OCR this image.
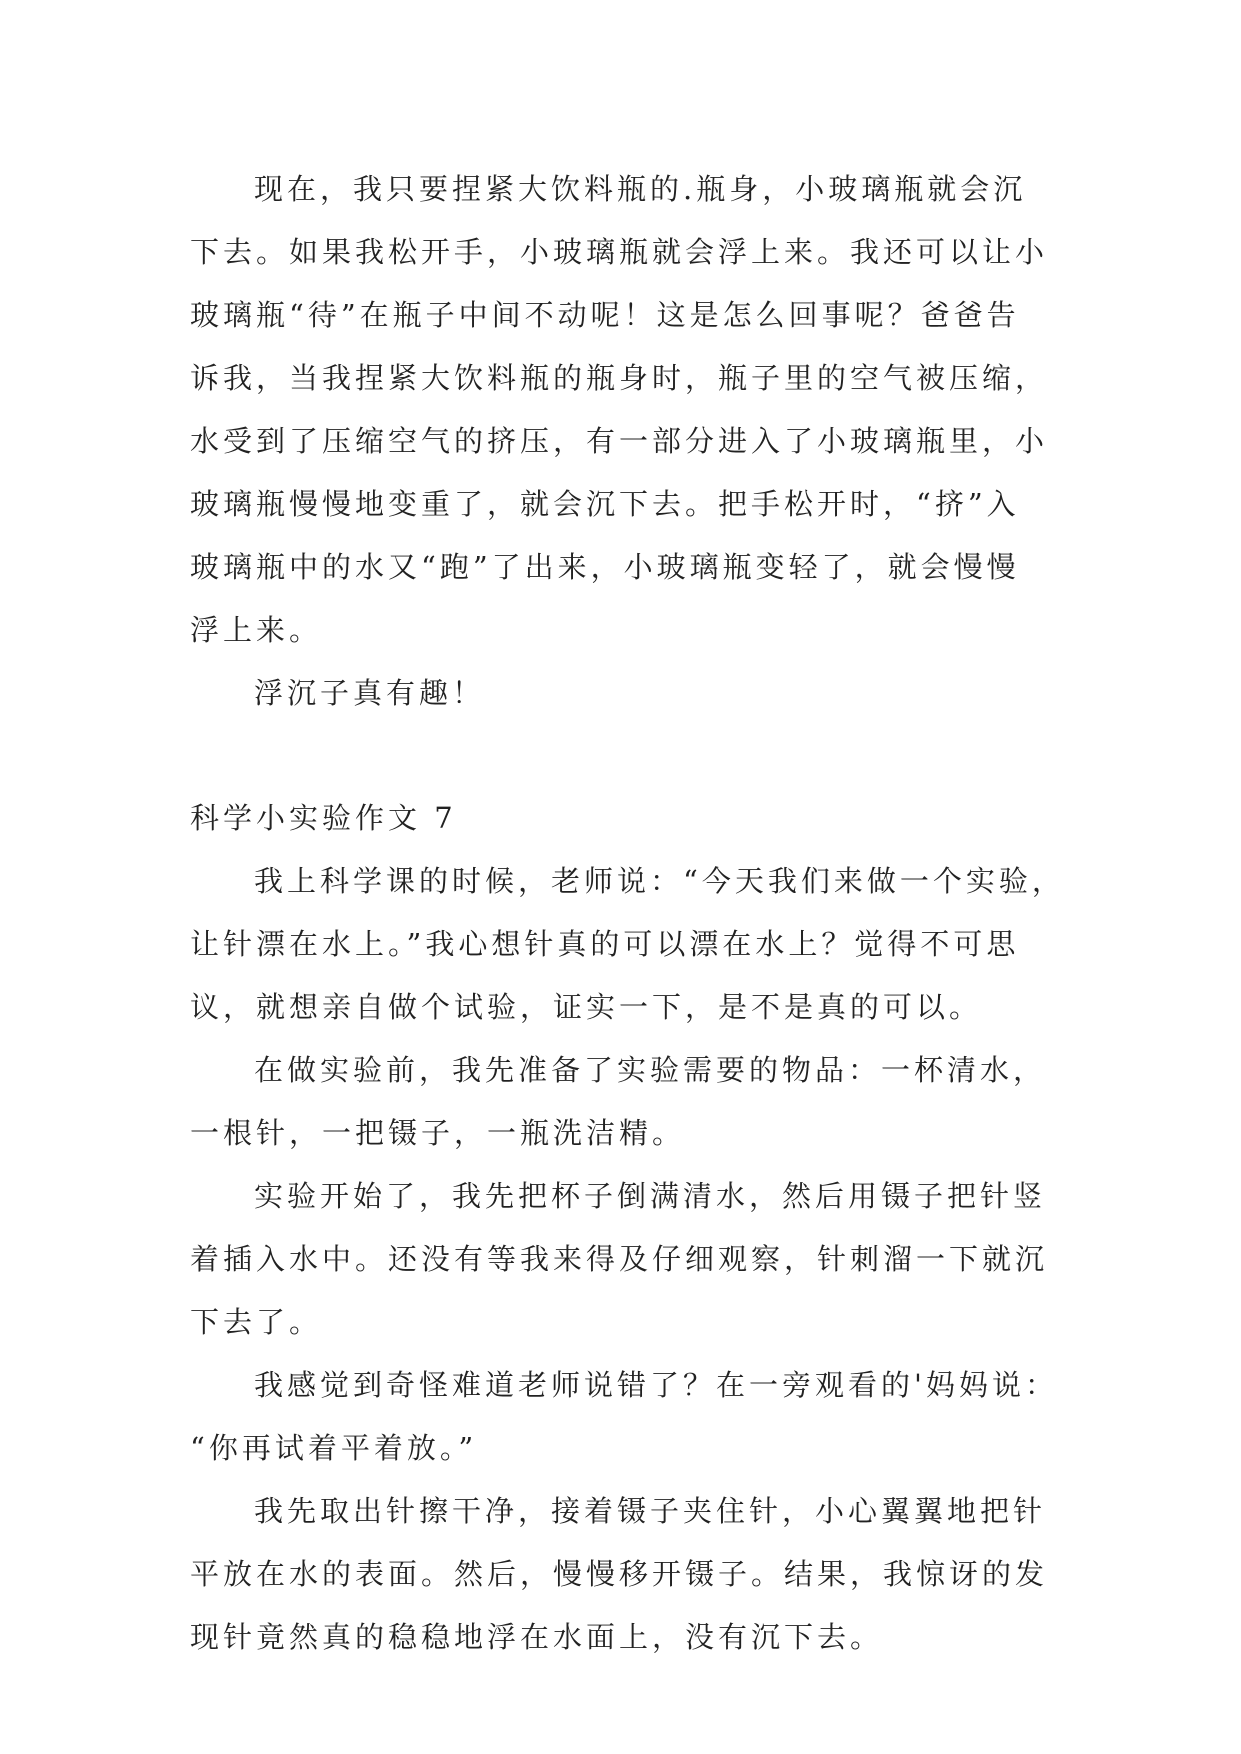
现在，我只要捏紧大饮料瓶的.瓶身，小玻璃瓶就会沉
下去。如果我松开手，小玻璃瓶就会浮上来。我还可以让小
玻璃瓶“待”在瓶子中间不动呢！这是怎么回事呢？爸爸告
诉我，当我捏紧大饮料瓶的瓶身时，瓶子里的空气被压缩，
水受到了压缩空气的挤压，有一部分进入了小玻璃瓶里，小
玻璃瓶慢慢地变重了，就会沉下去。把手松开时，“挤”入
玻璃瓶中的水又“跑”了出来，小玻璃瓶变轻了，就会慢慢
浮上来。
浮沉子真有趣！
科学小实验作文 7
我上科学课的时候，老师说：“今天我们来做一个实验，
让针漂在水上。”我心想针真的可以漂在水上？觉得不可思
议，就想亲自做个试验，证实一下，是不是真的可以。
在做实验前，我先准备了实验需要的物品：一杯清水，
一根针，一把镊子，一瓶洗洁精。
实验开始了，我先把杯子倒满清水，然后用镊子把针竖
着插入水中。还没有等我来得及仔细观察，针刺溜一下就沉
下去了。
我感觉到奇怪难道老师说错了？在一旁观看的'妈妈说：
“你再试着平着放。”
我先取出针擦干净，接着镊子夹住针，小心翼翼地把针
平放在水的表面。然后，慢慢移开镊子。结果，我惊讶的发
现针竟然真的稳稳地浮在水面上，没有沉下去。
